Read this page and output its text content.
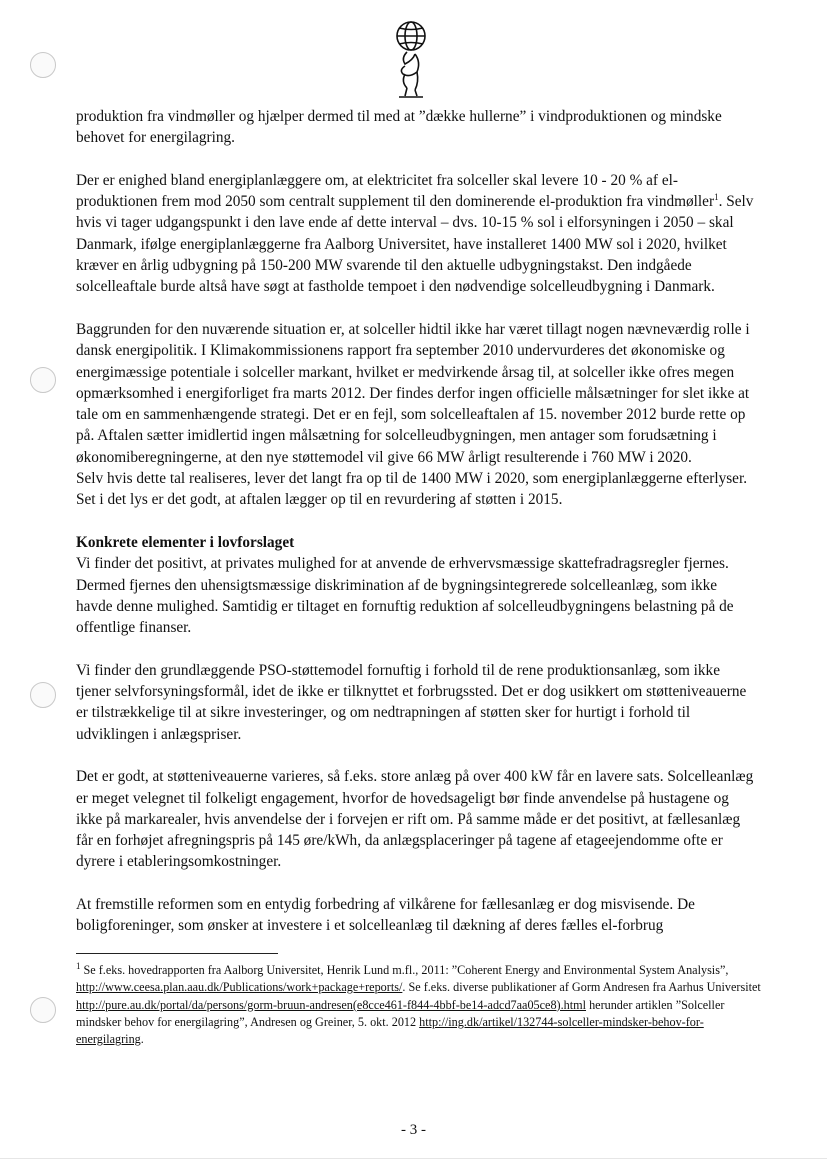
produktion fra vindmøller og hjælper dermed til med at ”dække hullerne” i vindproduktionen og mindske behovet for energilagring.

Der er enighed bland energiplanlæggere om, at elektricitet fra solceller skal levere 10 - 20 % af el-produktionen frem mod 2050 som centralt supplement til den dominerende el-produktion fra vindmøller$^1$. Selv hvis vi tager udgangspunkt i den lave ende af dette interval – dvs. 10-15 % sol i elforsyningen i 2050 – skal Danmark, ifølge energiplanlæggerne fra Aalborg Universitet, have installeret 1400 MW sol i 2020, hvilket kræver en årlig udbygning på 150-200 MW svarende til den aktuelle udbygningstakst. Den indgåede solcelleaftale burde altså have søgt at fastholde tempoet i den nødvendige solcelleudbygning i Danmark.

Baggrunden for den nuværende situation er, at solceller hidtil ikke har været tillagt nogen nævneværdig rolle i dansk energipolitik. I Klimakommissionens rapport fra september 2010 undervurderes det økonomiske og energimæssige potentiale i solceller markant, hvilket er medvirkende årsag til, at solceller ikke ofres megen opmærksomhed i energiforliget fra marts 2012. Der findes derfor ingen officielle målsætninger for slet ikke at tale om en sammenhængende strategi. Det er en fejl, som solcelleaftalen af 15. november 2012 burde rette op på. Aftalen sætter imidlertid ingen målsætning for solcelleudbygningen, men antager som forudsætning i økonomiberegningerne, at den nye støttemodel vil give 66 MW årligt resulterende i 760 MW i 2020.

Selv hvis dette tal realiseres, lever det langt fra op til de 1400 MW i 2020, som energiplanlæggerne efterlyser. Set i det lys er det godt, at aftalen lægger op til en revurdering af støtten i 2015.

Konkrete elementer i lovforslaget

Vi finder det positivt, at privates mulighed for at anvende de erhvervsmæssige skattefradragsregler fjernes. Dermed fjernes den uhensigtsmæssige diskrimination af de bygningsintegrerede solcelleanlæg, som ikke havde denne mulighed. Samtidig er tiltaget en fornuftig reduktion af solcelleudbygningens belastning på de offentlige finanser.

Vi finder den grundlæggende PSO-støttemodel fornuftig i forhold til de rene produktionsanlæg, som ikke tjener selvforsyningsformål, idet de ikke er tilknyttet et forbrugssted. Det er dog usikkert om støtteniveauerne er tilstrækkelige til at sikre investeringer, og om nedtrapningen af støtten sker for hurtigt i forhold til udviklingen i anlægspriser.

Det er godt, at støtteniveauerne varieres, så f.eks. store anlæg på over 400 kW får en lavere sats. Solcelleanlæg er meget velegnet til folkeligt engagement, hvorfor de hovedsageligt bør finde anvendelse på hustagene og ikke på markarealer, hvis anvendelse der i forvejen er rift om. På samme måde er det positivt, at fællesanlæg får en forhøjet afregningspris på 145 øre/kWh, da anlægsplaceringer på tagene af etageejendomme ofte er dyrere i etableringsomkostninger.

At fremstille reformen som en entydig forbedring af vilkårene for fællesanlæg er dog misvisende. De boligforeninger, som ønsker at investere i et solcelleanlæg til dækning af deres fælles el-forbrug

$^1$ Se f.eks. hovedrapporten fra Aalborg Universitet, Henrik Lund m.fl., 2011: ”Coherent Energy and Environmental System Analysis”, http://www.ceesa.plan.aau.dk/Publications/work+package+reports/. Se f.eks. diverse publikationer af Gorm Andresen fra Aarhus Universitet http://pure.au.dk/portal/da/persons/gorm-bruun-andresen(e8cce461-f844-4bbf-be14-adcd7aa05ce8).html herunder artiklen ”Solceller mindsker behov for energilagring”, Andresen og Greiner, 5. okt. 2012 http://ing.dk/artikel/132744-solceller-mindsker-behov-for-energilagring.
- 3 -
